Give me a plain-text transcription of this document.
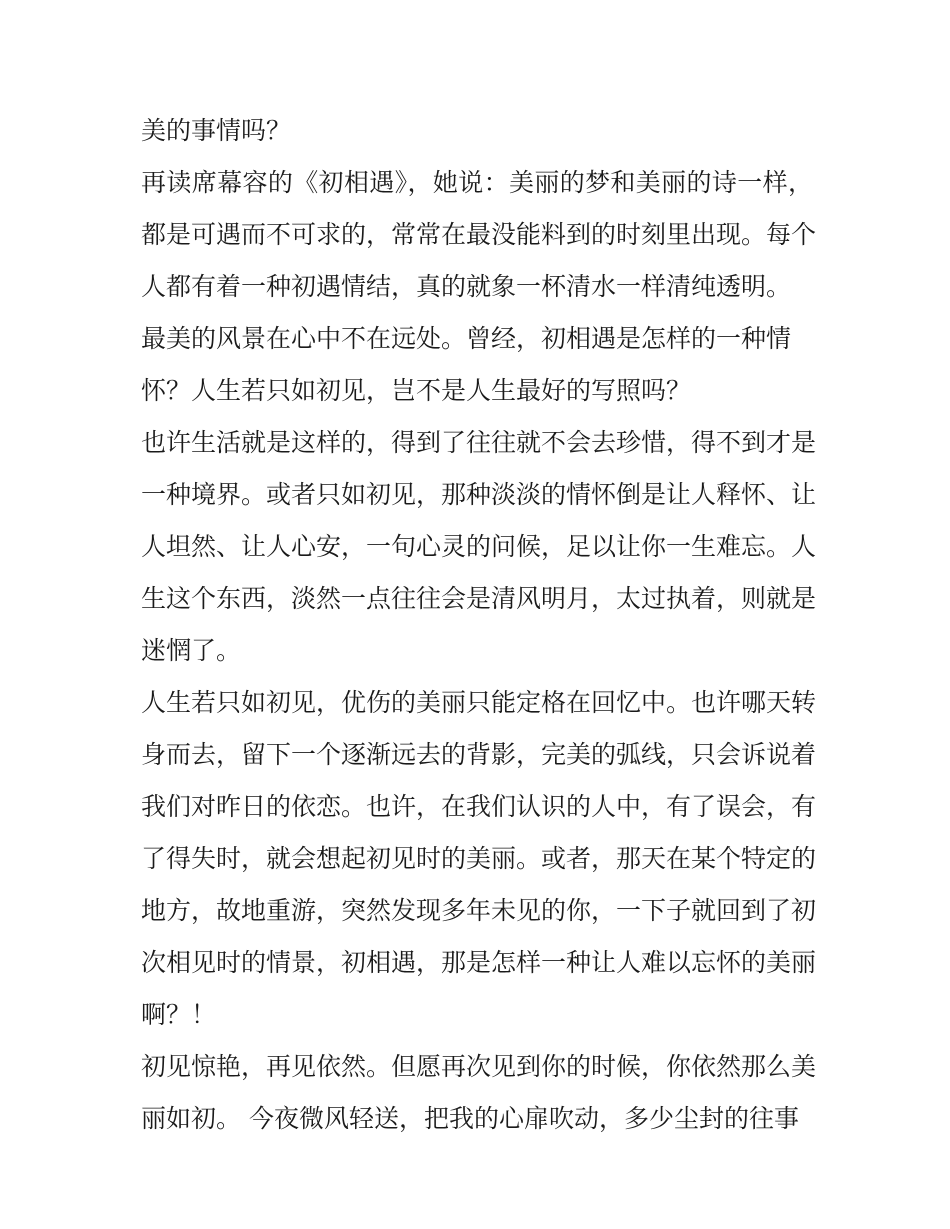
美的事情吗？
再读席幕容的《初相遇》，她说：美丽的梦和美丽的诗一样，
都是可遇而不可求的，常常在最没能料到的时刻里出现。每个
人都有着一种初遇情结，真的就象一杯清水一样清纯透明。
最美的风景在心中不在远处。曾经，初相遇是怎样的一种情
怀？人生若只如初见，岂不是人生最好的写照吗？
也许生活就是这样的，得到了往往就不会去珍惜，得不到才是
一种境界。或者只如初见，那种淡淡的情怀倒是让人释怀、让
人坦然、让人心安，一句心灵的问候，足以让你一生难忘。人
生这个东西，淡然一点往往会是清风明月，太过执着，则就是
迷惘了。
人生若只如初见，优伤的美丽只能定格在回忆中。也许哪天转
身而去，留下一个逐渐远去的背影，完美的弧线，只会诉说着
我们对昨日的依恋。也许，在我们认识的人中，有了误会，有
了得失时，就会想起初见时的美丽。或者，那天在某个特定的
地方，故地重游，突然发现多年未见的你，一下子就回到了初
次相见时的情景，初相遇，那是怎样一种让人难以忘怀的美丽
啊？！
初见惊艳，再见依然。但愿再次见到你的时候，你依然那么美
丽如初。 今夜微风轻送，把我的心扉吹动，多少尘封的往事
